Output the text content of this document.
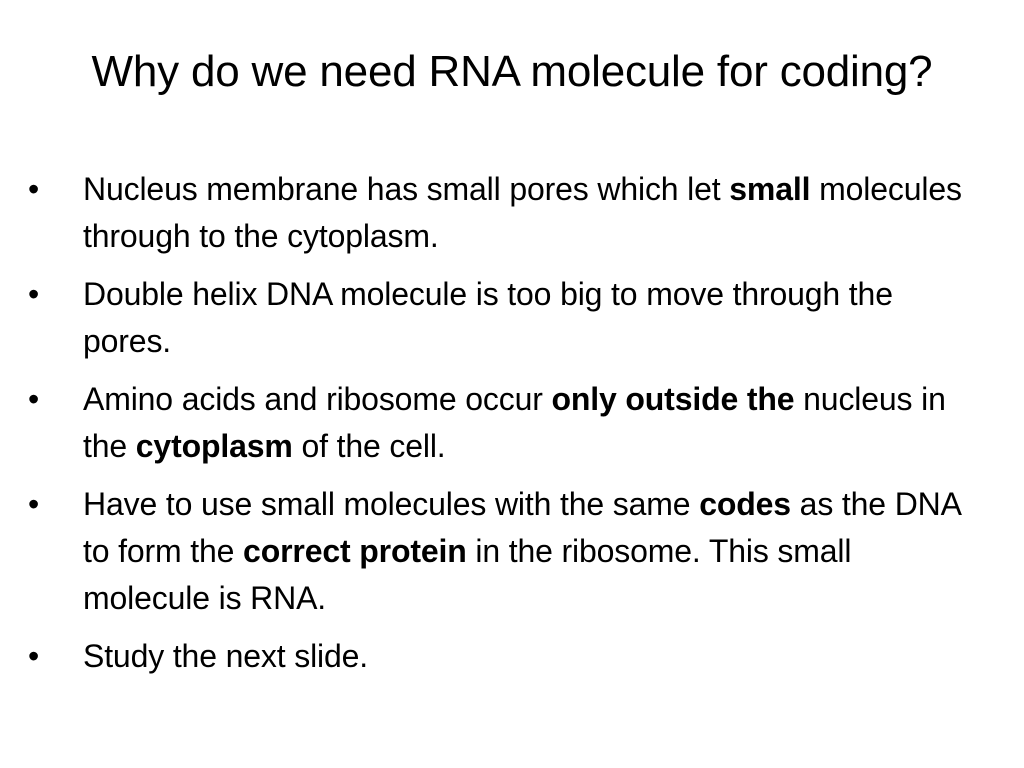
Why do we need RNA molecule for coding?
• Nucleus membrane has small pores which let small molecules through to the cytoplasm.
• Double helix DNA molecule is too big to move through the pores.
• Amino acids and ribosome occur only outside the nucleus in the cytoplasm of the cell.
• Have to use small molecules with the same codes as the DNA to form the correct protein in the ribosome. This small molecule is RNA.
• Study the next slide.
